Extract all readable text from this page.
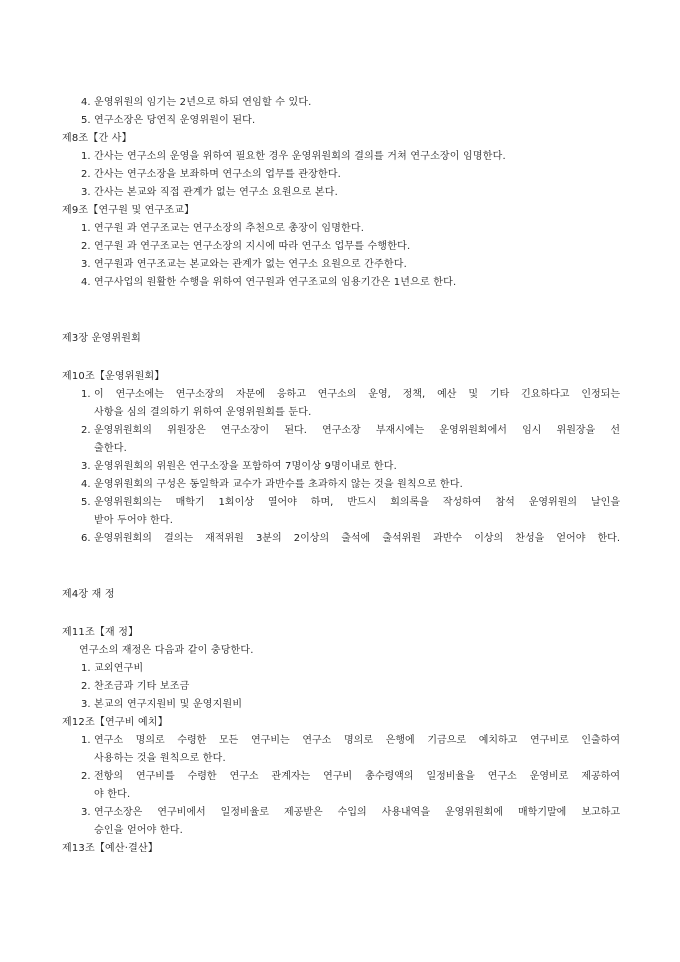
4. 운영위원의 임기는 2년으로 하되 연임할 수 있다.
5. 연구소장은 당연직 운영위원이 된다.
제8조【간 사】
1. 간사는 연구소의 운영을 위하여 필요한 경우 운영위원회의 결의를 거쳐 연구소장이 임명한다.
2. 간사는 연구소장을 보좌하며 연구소의 업무를 관장한다.
3. 간사는 본교와 직접 관계가 없는 연구소 요원으로 본다.
제9조【연구원 및 연구조교】
1. 연구원 과 연구조교는 연구소장의 추천으로 총장이 임명한다.
2. 연구원 과 연구조교는 연구소장의 지시에 따라 연구소 업무를 수행한다.
3. 연구원과 연구조교는 본교와는 관계가 없는 연구소 요원으로 간주한다.
4. 연구사업의 원활한 수행을 위하여 연구원과 연구조교의 임용기간은 1년으로 한다.
제3장 운영위원회
제10조【운영위원회】
1. 이 연구소에는 연구소장의 자문에 응하고 연구소의 운영, 정책, 예산 및 기타 긴요하다고 인정되는
사항을 심의 결의하기 위하여 운영위원회를 둔다.
2. 운영위원회의 위원장은 연구소장이 된다. 연구소장 부재시에는 운영위원회에서 임시 위원장을 선
출한다.
3. 운영위원회의 위원은 연구소장을 포함하여 7명이상 9명이내로 한다.
4. 운영위원회의 구성은 동일학과 교수가 과반수를 초과하지 않는 것을 원칙으로 한다.
5. 운영위원회의는 매학기 1회이상 열어야 하며, 반드시 회의록을 작성하여 참석 운영위원의 날인을
받아 두어야 한다.
6. 운영위원회의 결의는 재적위원 3분의 2이상의 출석에 출석위원 과반수 이상의 찬성을 얻어야 한다.
제4장 재 정
제11조【재 정】
연구소의 재정은 다음과 같이 충당한다.
1. 교외연구비
2. 찬조금과 기타 보조금
3. 본교의 연구지원비 및 운영지원비
제12조【연구비 예치】
1. 연구소 명의로 수령한 모든 연구비는 연구소 명의로 은행에 기금으로 예치하고 연구비로 인출하여
사용하는 것을 원칙으로 한다.
2. 전항의 연구비를 수령한 연구소 관계자는 연구비 총수령액의 일정비율을 연구소 운영비로 제공하여
야 한다.
3. 연구소장은 연구비에서 일정비율로 제공받은 수입의 사용내역을 운영위원회에 매학기말에 보고하고
승인을 얻어야 한다.
제13조【예산·결산】
